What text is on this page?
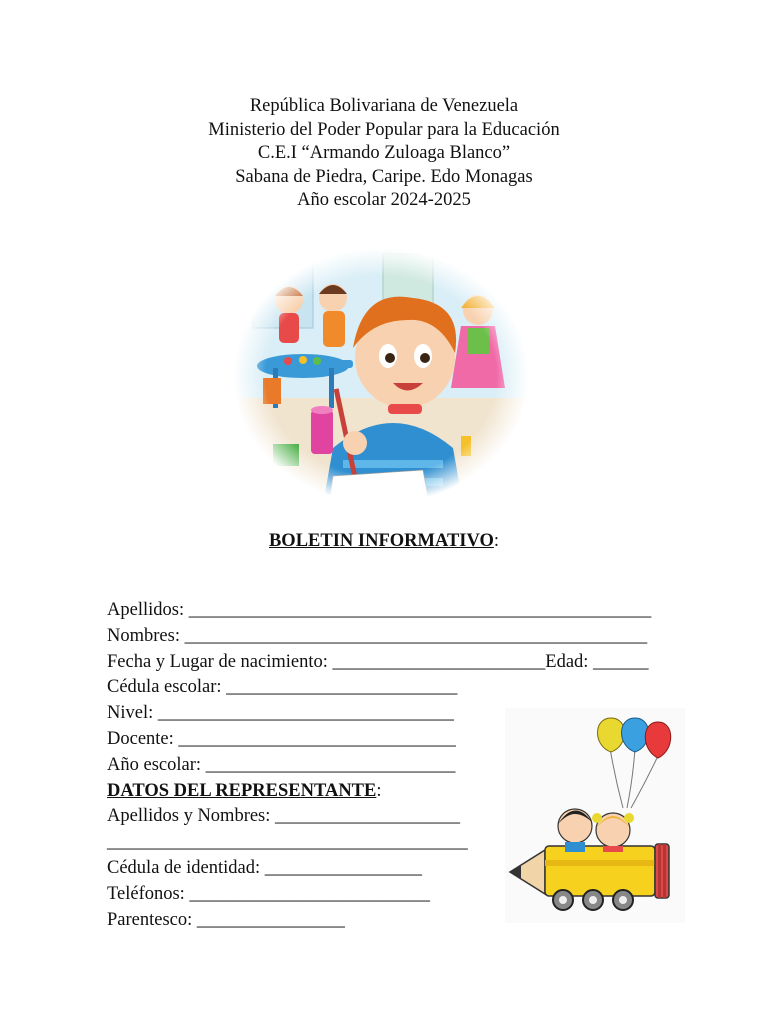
República Bolivariana de Venezuela
Ministerio del Poder Popular para la Educación
C.E.I “Armando Zuloaga Blanco”
Sabana de Piedra, Caripe. Edo Monagas
Año escolar 2024-2025
BOLETIN INFORMATIVO:
Apellidos: __________________________________________________
Nombres: __________________________________________________
Fecha y Lugar de nacimiento: _______________________Edad: ______
Cédula escolar: _________________________
Nivel: ________________________________
Docente: ______________________________
Año escolar: ___________________________
DATOS DEL REPRESENTANTE:
Apellidos y Nombres: ____________________
_______________________________________
Cédula de identidad: _________________
Teléfonos: __________________________
Parentesco: ________________
